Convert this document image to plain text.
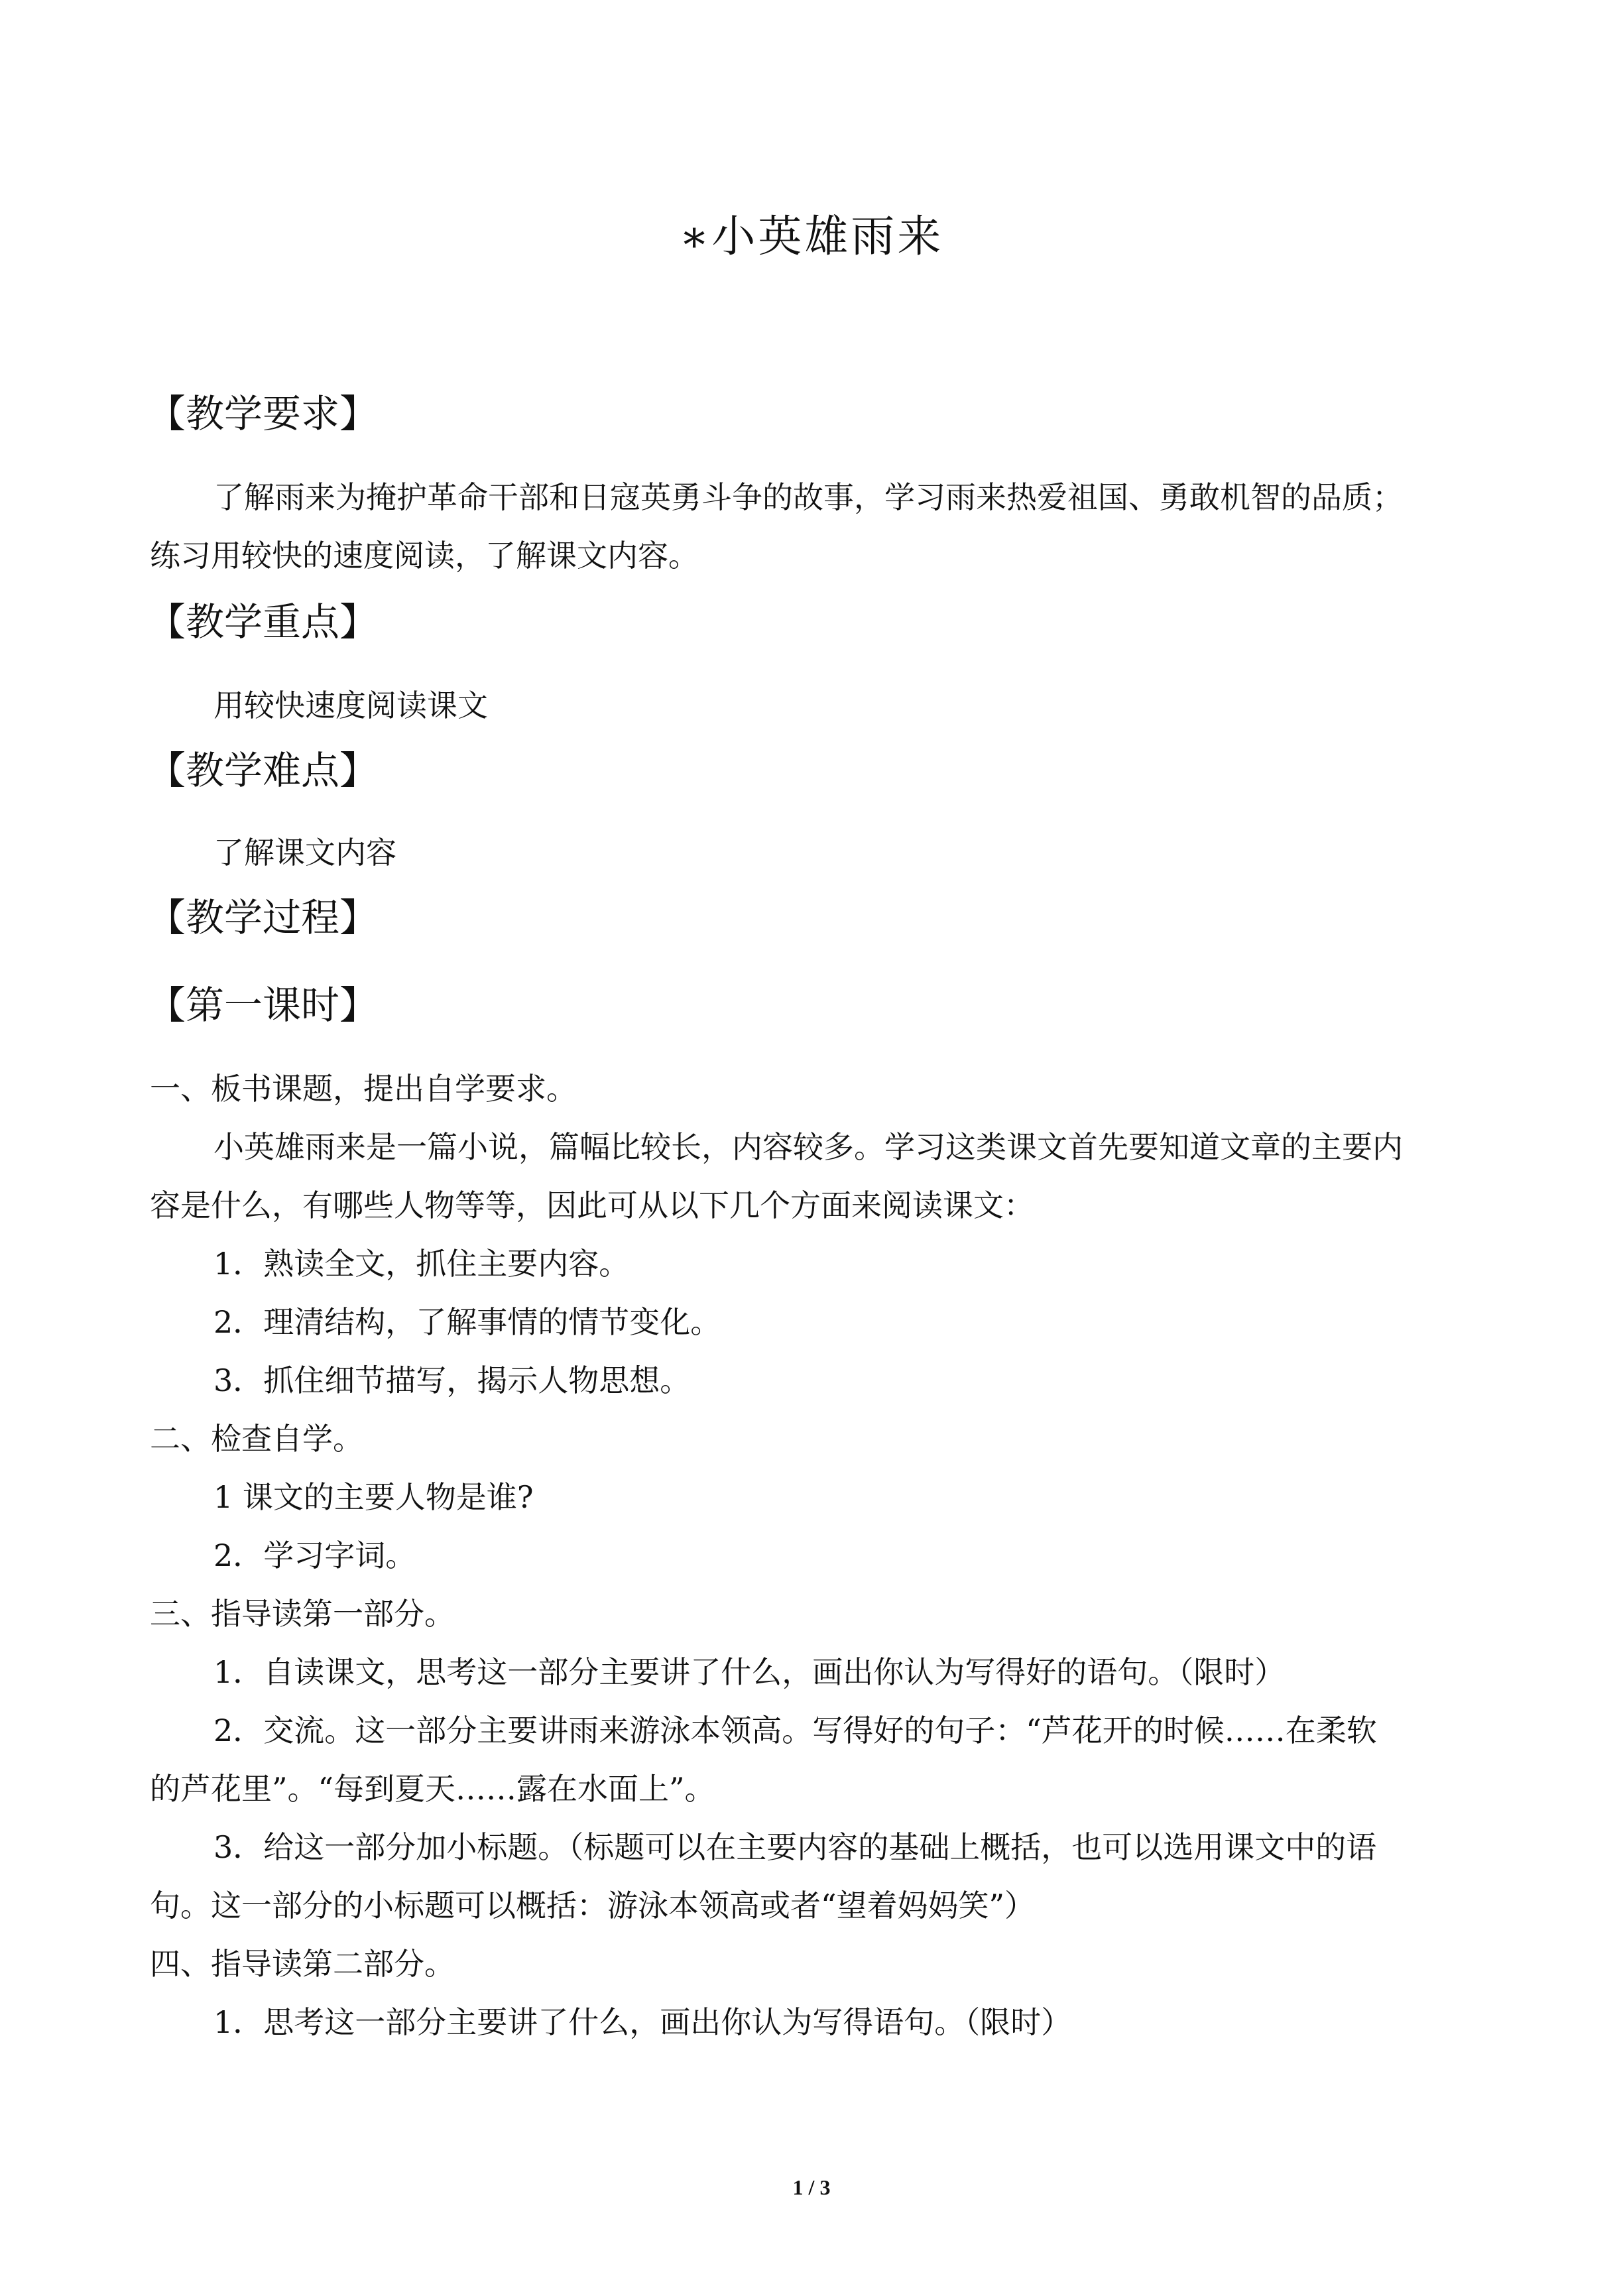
∗小英雄雨来
【教学要求】
了解雨来为掩护革命干部和日寇英勇斗争的故事，学习雨来热爱祖国、勇敢机智的品质；
练习用较快的速度阅读，了解课文内容。
【教学重点】
用较快速度阅读课文
【教学难点】
了解课文内容
【教学过程】
【第一课时】
一、板书课题，提出自学要求。
小英雄雨来是一篇小说，篇幅比较长，内容较多。学习这类课文首先要知道文章的主要内
容是什么，有哪些人物等等，因此可从以下几个方面来阅读课文：
1．熟读全文，抓住主要内容。
2．理清结构，了解事情的情节变化。
3．抓住细节描写，揭示人物思想。
二、检查自学。
1 课文的主要人物是谁?
2．学习字词。
三、指导读第一部分。
1．自读课文，思考这一部分主要讲了什么，画出你认为写得好的语句。（限时）
2．交流。这一部分主要讲雨来游泳本领高。写得好的句子：“芦花开的时候……在柔软
的芦花里”。“每到夏天……露在水面上”。
3．给这一部分加小标题。（标题可以在主要内容的基础上概括，也可以选用课文中的语
句。这一部分的小标题可以概括：游泳本领高或者“望着妈妈笑”）
四、指导读第二部分。
1．思考这一部分主要讲了什么，画出你认为写得语句。（限时）
1 / 3
